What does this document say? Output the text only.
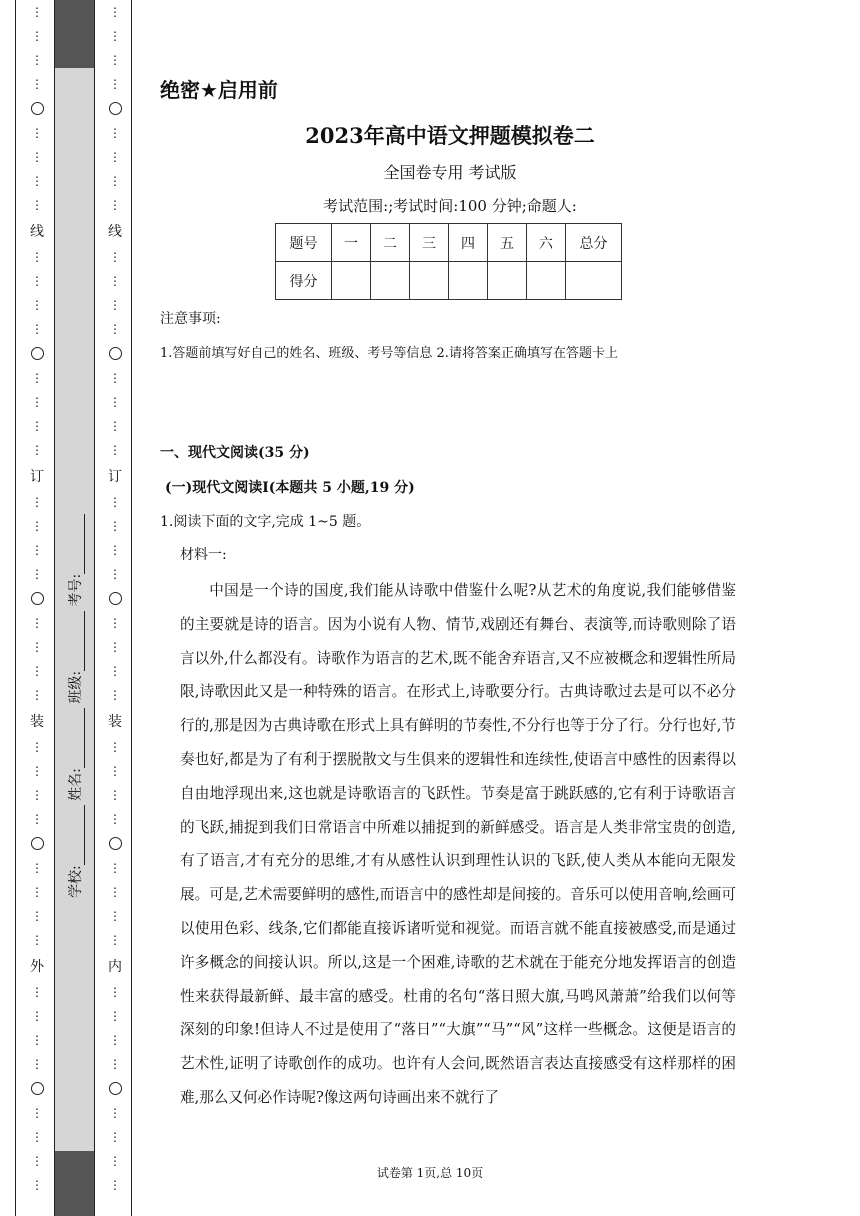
⋮
⋮
⋮
⋮
⋮
⋮
⋮
⋮
线
⋮
⋮
⋮
⋮
⋮
⋮
⋮
⋮
订
⋮
⋮
⋮
⋮
⋮
⋮
⋮
⋮
装
⋮
⋮
⋮
⋮
⋮
⋮
⋮
⋮
外
⋮
⋮
⋮
⋮
⋮
⋮
⋮
⋮
⋮
⋮
⋮
⋮
⋮
⋮
⋮
⋮
线
⋮
⋮
⋮
⋮
⋮
⋮
⋮
⋮
订
⋮
⋮
⋮
⋮
⋮
⋮
⋮
⋮
装
⋮
⋮
⋮
⋮
⋮
⋮
⋮
⋮
内
⋮
⋮
⋮
⋮
⋮
⋮
⋮
⋮
学校: 姓名: 班级: 考号:
绝密★启用前
2023年高中语文押题模拟卷二
全国卷专用 考试版
考试范围:;考试时间:100 分钟;命题人:
题号	一	二	三	四	五	六	总分
得分							
注意事项:
1.答题前填写好自己的姓名、班级、考号等信息 2.请将答案正确填写在答题卡上
一、现代文阅读(35 分)
(一)现代文阅读Ⅰ(本题共 5 小题,19 分)
1.阅读下面的文字,完成 1~5 题。
材料一:
中国是一个诗的国度,我们能从诗歌中借鉴什么呢?从艺术的角度说,我们能够借鉴的主要就是诗的语言。因为小说有人物、情节,戏剧还有舞台、表演等,而诗歌则除了语言以外,什么都没有。诗歌作为语言的艺术,既不能舍弃语言,又不应被概念和逻辑性所局限,诗歌因此又是一种特殊的语言。在形式上,诗歌要分行。古典诗歌过去是可以不必分行的,那是因为古典诗歌在形式上具有鲜明的节奏性,不分行也等于分了行。分行也好,节奏也好,都是为了有利于摆脱散文与生俱来的逻辑性和连续性,使语言中感性的因素得以自由地浮现出来,这也就是诗歌语言的飞跃性。节奏是富于跳跃感的,它有利于诗歌语言的飞跃,捕捉到我们日常语言中所难以捕捉到的新鲜感受。语言是人类非常宝贵的创造,有了语言,才有充分的思维,才有从感性认识到理性认识的飞跃,使人类从本能向无限发展。可是,艺术需要鲜明的感性,而语言中的感性却是间接的。音乐可以使用音响,绘画可以使用色彩、线条,它们都能直接诉诸听觉和视觉。而语言就不能直接被感受,而是通过许多概念的间接认识。所以,这是一个困难,诗歌的艺术就在于能充分地发挥语言的创造性来获得最新鲜、最丰富的感受。杜甫的名句“落日照大旗,马鸣风萧萧”给我们以何等深刻的印象!但诗人不过是使用了“落日”“大旗”“马”“风”这样一些概念。这便是语言的艺术性,证明了诗歌创作的成功。也许有人会问,既然语言表达直接感受有这样那样的困难,那么又何必作诗呢?像这两句诗画出来不就行了
试卷第 1页,总 10页
